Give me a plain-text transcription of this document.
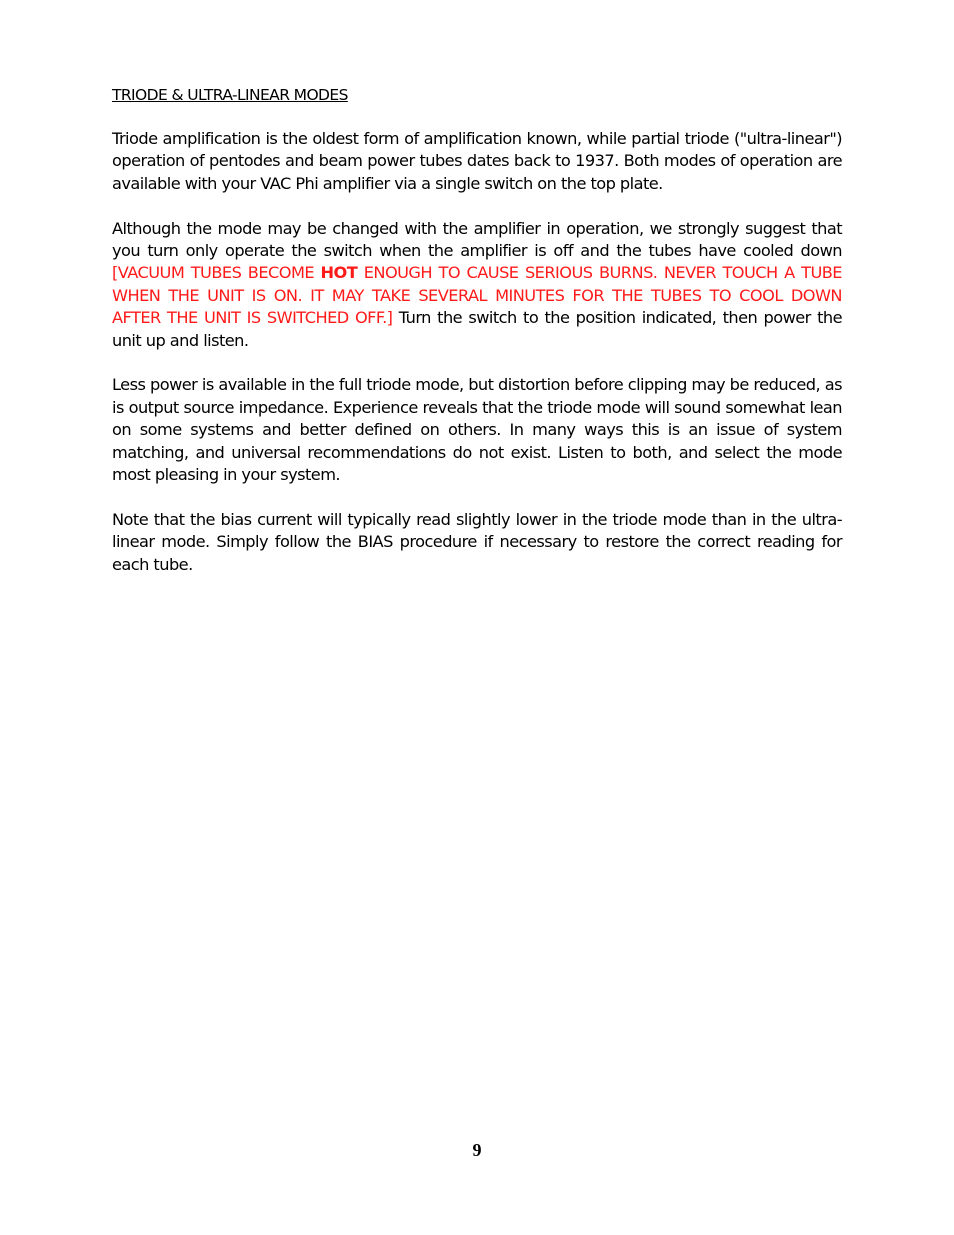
TRIODE & ULTRA-LINEAR MODES

Triode amplification is the oldest form of amplification known, while partial triode ("ultra-linear") operation of pentodes and beam power tubes dates back to 1937. Both modes of operation are available with your VAC Phi amplifier via a single switch on the top plate.

Although the mode may be changed with the amplifier in operation, we strongly suggest that you turn only operate the switch when the amplifier is off and the tubes have cooled down [VACUUM TUBES BECOME HOT ENOUGH TO CAUSE SERIOUS BURNS. NEVER TOUCH A TUBE WHEN THE UNIT IS ON. IT MAY TAKE SEVERAL MINUTES FOR THE TUBES TO COOL DOWN AFTER THE UNIT IS SWITCHED OFF.] Turn the switch to the position indicated, then power the unit up and listen.

Less power is available in the full triode mode, but distortion before clipping may be reduced, as is output source impedance. Experience reveals that the triode mode will sound somewhat lean on some systems and better defined on others. In many ways this is an issue of system matching, and universal recommendations do not exist. Listen to both, and select the mode most pleasing in your system.

Note that the bias current will typically read slightly lower in the triode mode than in the ultra-linear mode. Simply follow the BIAS procedure if necessary to restore the correct reading for each tube.

9
